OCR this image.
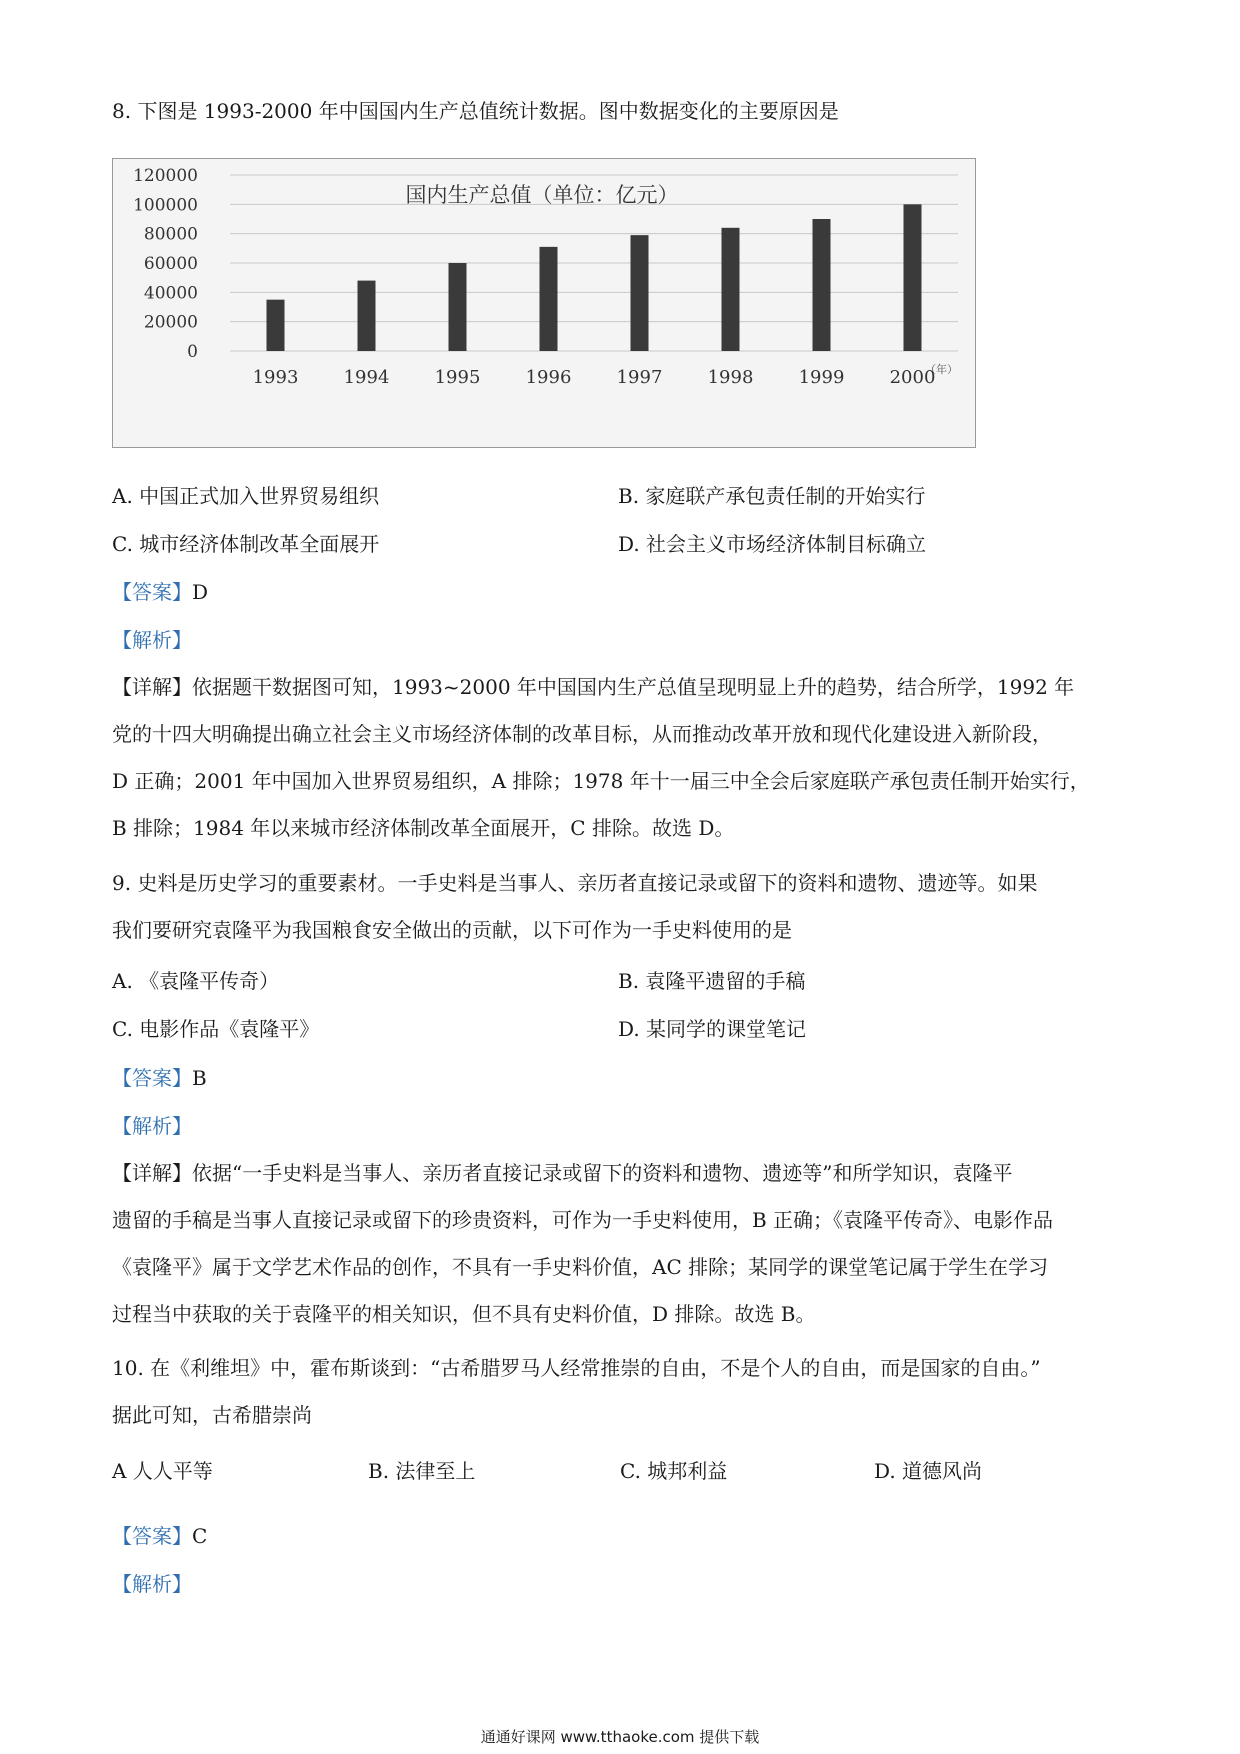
8. 下图是 1993-2000 年中国国内生产总值统计数据。图中数据变化的主要原因是
120000
100000
80000
60000
40000
20000
0
1993	1994	1995	1996	1997	1998	1999	2000
国内生产总值（单位：亿元）
（年）
A. 中国正式加入世界贸易组织	B. 家庭联产承包责任制的开始实行
C. 城市经济体制改革全面展开	D. 社会主义市场经济体制目标确立
【答案】D
【解析】
【详解】依据题干数据图可知，1993~2000 年中国国内生产总值呈现明显上升的趋势，结合所学，1992 年
党的十四大明确提出确立社会主义市场经济体制的改革目标，从而推动改革开放和现代化建设进入新阶段，
D 正确；2001 年中国加入世界贸易组织，A 排除；1978 年十一届三中全会后家庭联产承包责任制开始实行，
B 排除；1984 年以来城市经济体制改革全面展开，C 排除。故选 D。
9. 史料是历史学习的重要素材。一手史料是当事人、亲历者直接记录或留下的资料和遗物、遗迹等。如果
我们要研究袁隆平为我国粮食安全做出的贡献，以下可作为一手史料使用的是
A. 《袁隆平传奇）	B. 袁隆平遗留的手稿
C. 电影作品《袁隆平》	D. 某同学的课堂笔记
【答案】B
【解析】
【详解】依据“一手史料是当事人、亲历者直接记录或留下的资料和遗物、遗迹等”和所学知识，袁隆平
遗留的手稿是当事人直接记录或留下的珍贵资料，可作为一手史料使用，B 正确；《袁隆平传奇》、电影作品
《袁隆平》属于文学艺术作品的创作，不具有一手史料价值，AC 排除；某同学的课堂笔记属于学生在学习
过程当中获取的关于袁隆平的相关知识，但不具有史料价值，D 排除。故选 B。
10. 在《利维坦》中，霍布斯谈到：“古希腊罗马人经常推崇的自由，不是个人的自由，而是国家的自由。”
据此可知，古希腊崇尚
A 人人平等	B. 法律至上	C. 城邦利益	D. 道德风尚
【答案】C
【解析】
通通好课网 www.tthaoke.com 提供下载
